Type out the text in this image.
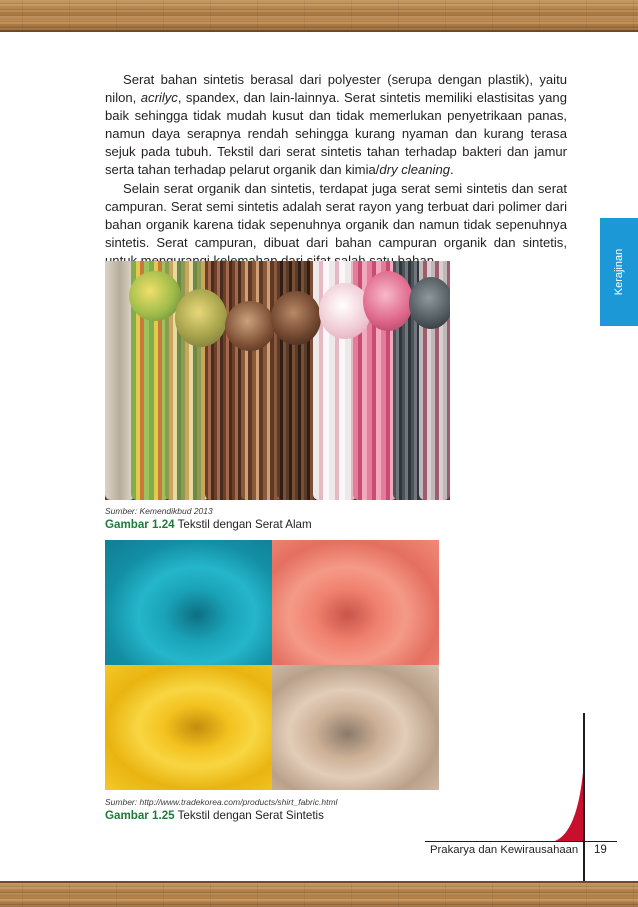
Serat bahan sintetis berasal dari polyester (serupa dengan plastik), yaitu nilon, acrilyc, spandex, dan lain-lainnya. Serat sintetis memiliki elastisitas yang baik sehingga tidak mudah kusut dan tidak memerlukan penyetrikaan panas, namun daya serapnya rendah sehingga kurang nyaman dan kurang terasa sejuk pada tubuh. Tekstil dari serat sintetis tahan terhadap bakteri dan jamur serta tahan terhadap pelarut organik dan kimia/dry cleaning.

Selain serat organik dan sintetis, terdapat juga serat semi sintetis dan serat campuran. Serat semi sintetis adalah serat rayon yang terbuat dari polimer dari bahan organik karena tidak sepenuhnya organik dan namun tidak sepenuhnya sintetis. Serat campuran, dibuat dari bahan campuran organik dan sintetis,

Kerajinan
Sumber: Kemendikbud 2013
Gambar 1.24 Tekstil dengan Serat Alam
Sumber: http://www.tradekorea.com/products/shirt_fabric.html
Gambar 1.25 Tekstil dengan Serat Sintetis
Prakarya dan Kewirausahaan 19
